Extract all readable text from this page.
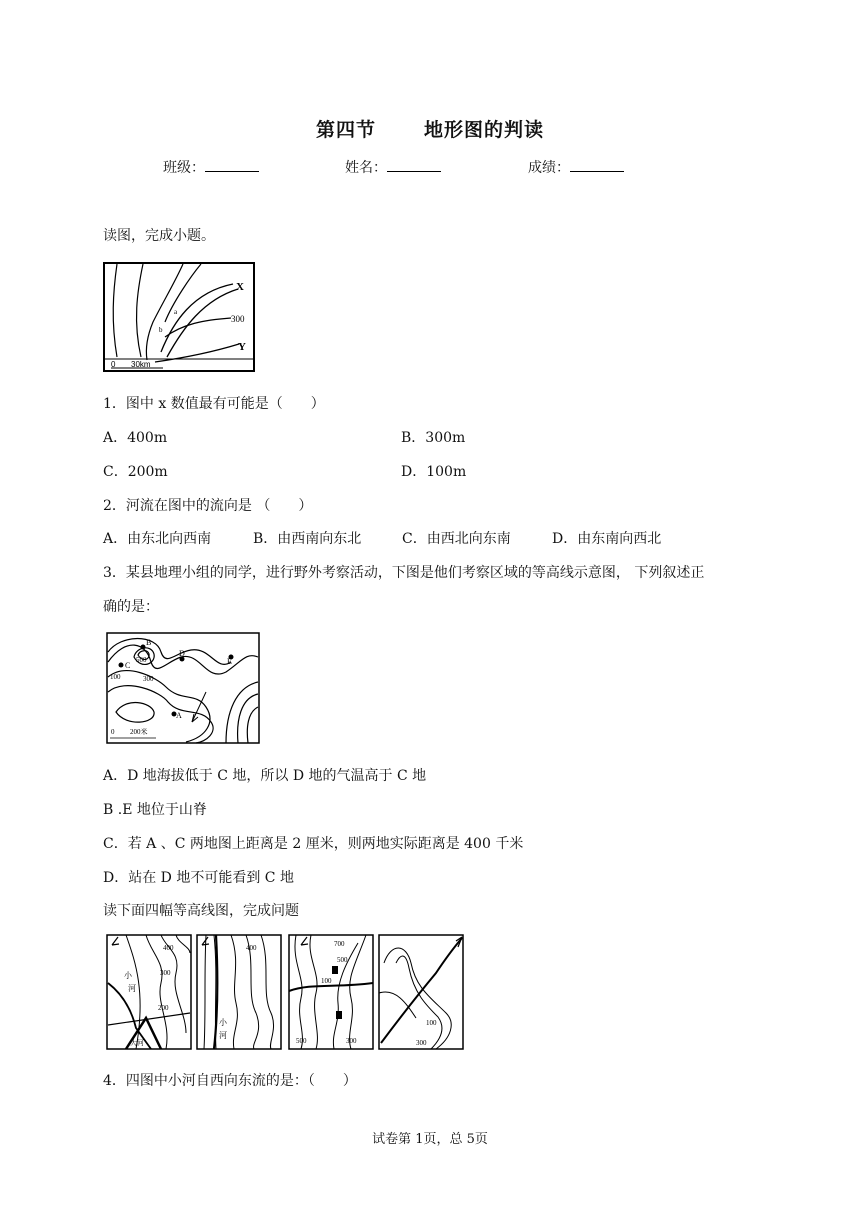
第四节	地形图的判读
班级：	姓名：	成绩：
读图，完成小题。
X
300
Y
a
b
0 30km
1．图中 x 数值最有可能是（　　）
A．400m	B．300m
C．200m	D．100m
2．河流在图中的流向是 （　　）
A．由东北向西南	B．由西南向东北	C．由西北向东南	D．由东南向西北
3．某县地理小组的同学，进行野外考察活动，下图是他们考察区域的等高线示意图， 下列叙述正
确的是：
B
C
D
E
A
500
300
100
0 200米
A．D 地海拔低于 C 地，所以 D 地的气温高于 C 地
B .E 地位于山脊
C．若 A 、C 两地图上距离是 2 厘米，则两地实际距离是 400 千米
D．站在 D 地不可能看到 C 地
读下面四幅等高线图，完成问题
400
300
200
小
河
大河
400
小
河
700
500
100
300
500
100
300
4．四图中小河自西向东流的是：（　　）
试卷第 1页，总 5页
